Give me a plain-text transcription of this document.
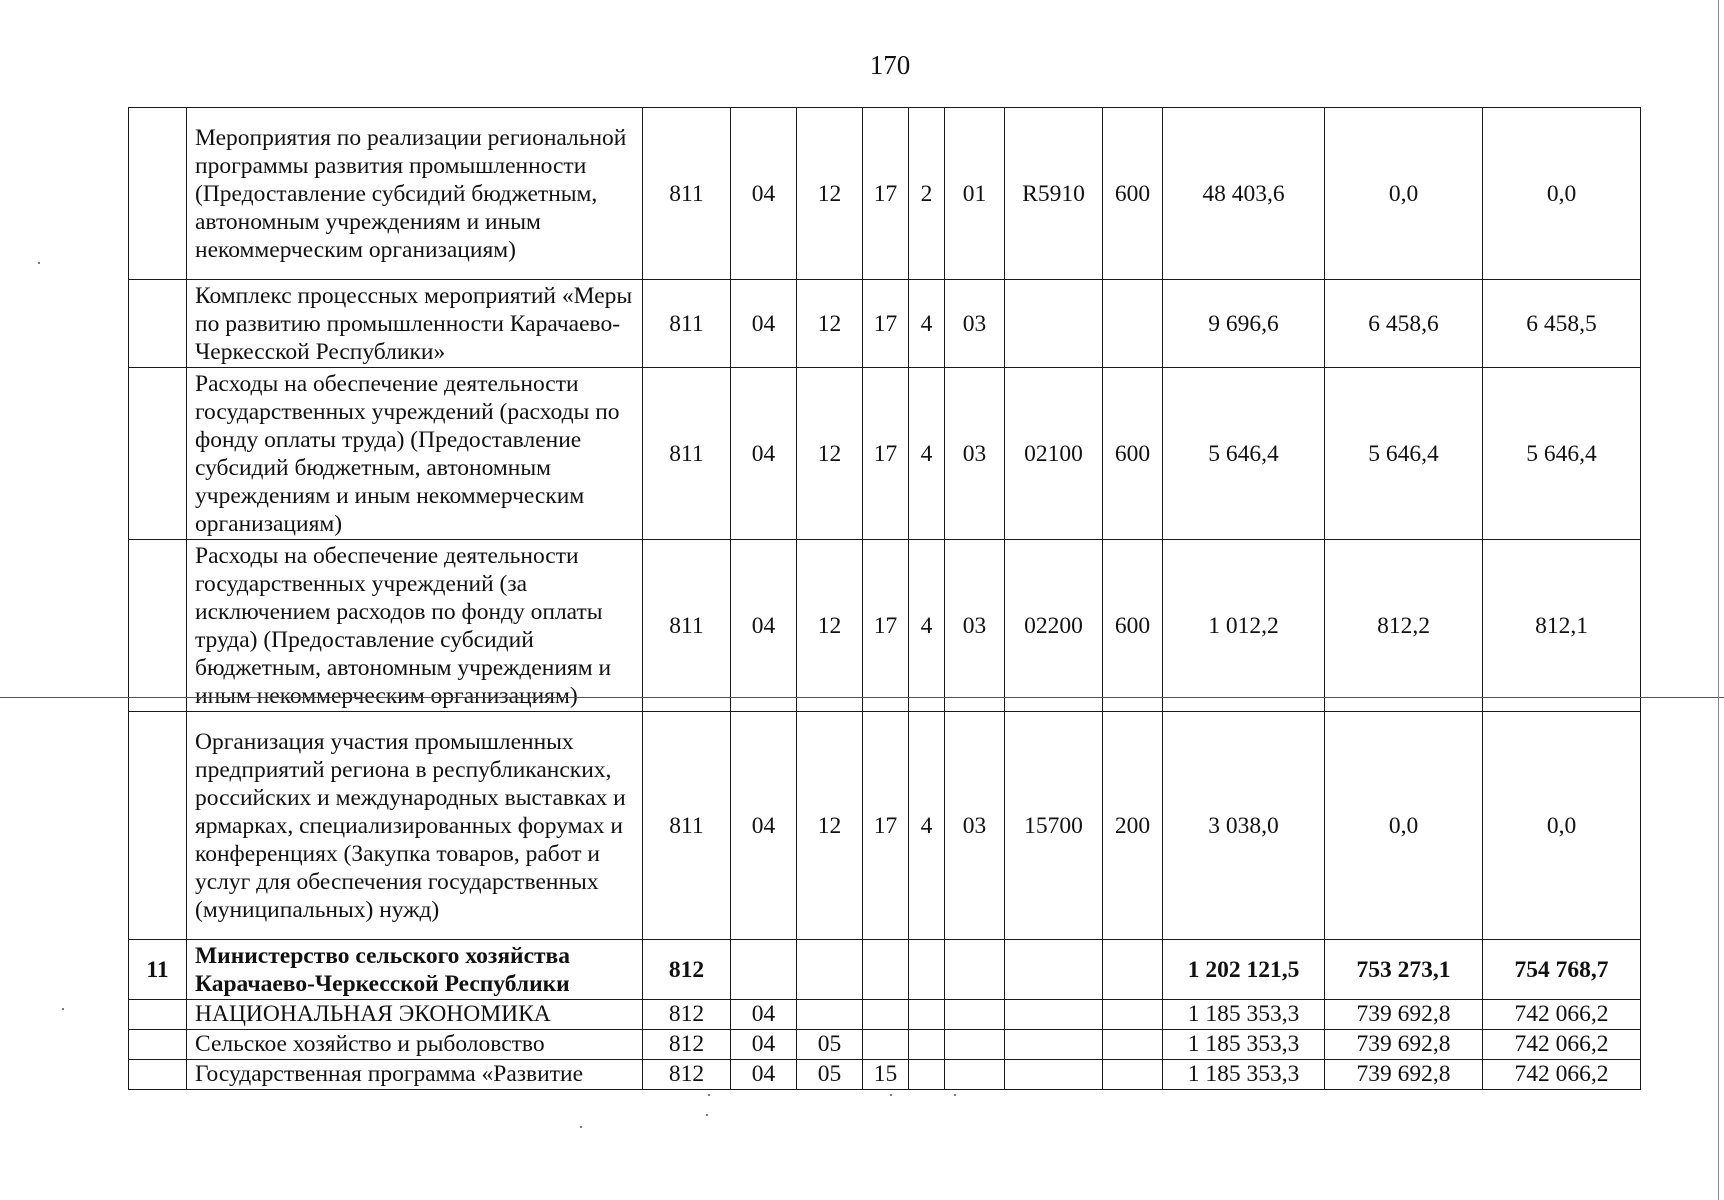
170
	Мероприятия по реализации региональной программы развития промышленности (Предоставление субсидий бюджетным, автономным учреждениям и иным некоммерческим организациям)	811	04	12	17	2	01	R5910	600	48 403,6	0,0	0,0
	Комплекс процессных мероприятий «Меры по развитию промышленности Карачаево-Черкесской Республики»	811	04	12	17	4	03			9 696,6	6 458,6	6 458,5
	Расходы на обеспечение деятельности государственных учреждений (расходы по фонду оплаты труда) (Предоставление субсидий бюджетным, автономным учреждениям и иным некоммерческим организациям)	811	04	12	17	4	03	02100	600	5 646,4	5 646,4	5 646,4
	Расходы на обеспечение деятельности государственных учреждений (за исключением расходов по фонду оплаты труда) (Предоставление субсидий бюджетным, автономным учреждениям и иным некоммерческим организациям)	811	04	12	17	4	03	02200	600	1 012,2	812,2	812,1
	Организация участия промышленных предприятий региона в республиканских, российских и международных выставках и ярмарках, специализированных форумах и конференциях (Закупка товаров, работ и услуг для обеспечения государственных (муниципальных) нужд)	811	04	12	17	4	03	15700	200	3 038,0	0,0	0,0
11	Министерство сельского хозяйства Карачаево-Черкесской Республики	812								1 202 121,5	753 273,1	754 768,7
	НАЦИОНАЛЬНАЯ ЭКОНОМИКА	812	04							1 185 353,3	739 692,8	742 066,2
	Сельское хозяйство и рыболовство	812	04	05						1 185 353,3	739 692,8	742 066,2
	Государственная программа «Развитие	812	04	05	15					1 185 353,3	739 692,8	742 066,2
